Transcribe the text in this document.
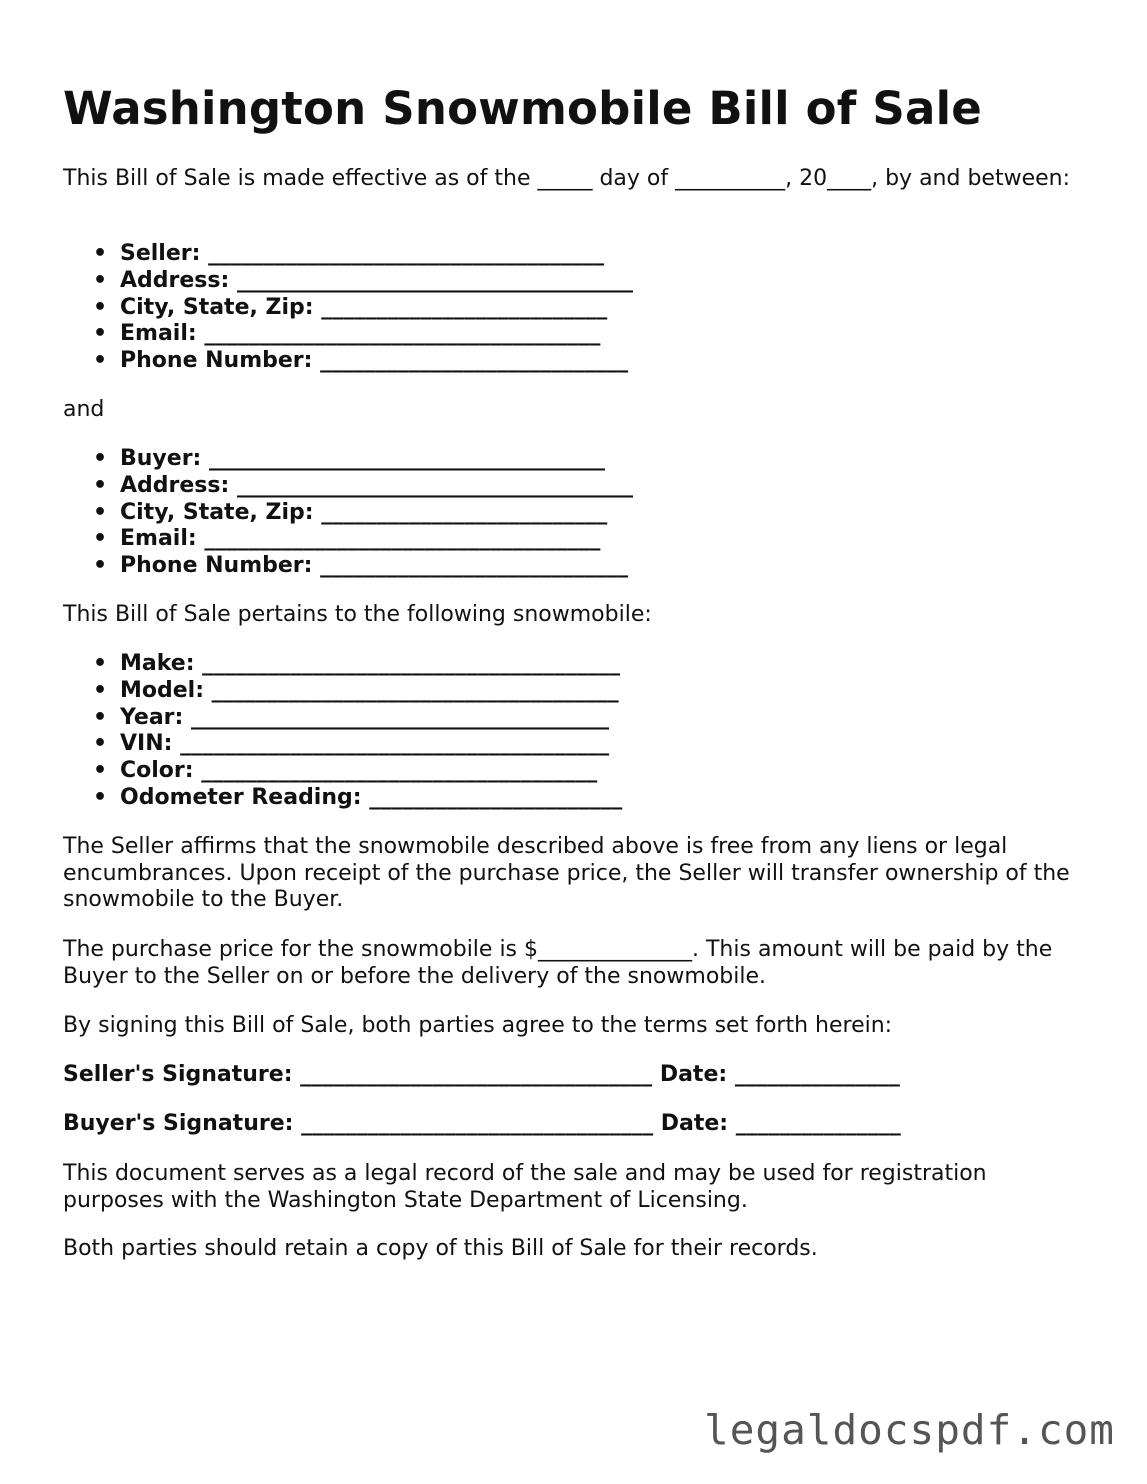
Washington Snowmobile Bill of Sale

This Bill of Sale is made effective as of the _____ day of __________, 20____, by and between:

• Seller: ____________________________________
• Address: ____________________________________
• City, State, Zip: __________________________
• Email: ____________________________________
• Phone Number: ____________________________

and

• Buyer: ____________________________________
• Address: ____________________________________
• City, State, Zip: __________________________
• Email: ____________________________________
• Phone Number: ____________________________

This Bill of Sale pertains to the following snowmobile:

• Make: ______________________________________
• Model: _____________________________________
• Year: ______________________________________
• VIN: _______________________________________
• Color: ____________________________________
• Odometer Reading: _______________________

The Seller affirms that the snowmobile described above is free from any liens or legal encumbrances. Upon receipt of the purchase price, the Seller will transfer ownership of the snowmobile to the Buyer.

The purchase price for the snowmobile is $______________. This amount will be paid by the Buyer to the Seller on or before the delivery of the snowmobile.

By signing this Bill of Sale, both parties agree to the terms set forth herein:

Seller's Signature: ________________________________ Date: _______________

Buyer's Signature: ________________________________ Date: _______________

This document serves as a legal record of the sale and may be used for registration purposes with the Washington State Department of Licensing.

Both parties should retain a copy of this Bill of Sale for their records.

legaldocspdf.com
